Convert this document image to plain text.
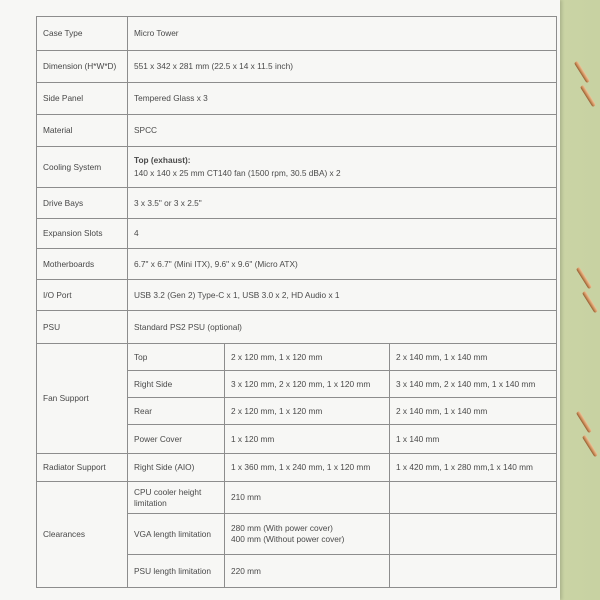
Case Type	Micro Tower		
Dimension (H*W*D)	551 x 342 x 281 mm (22.5 x 14 x 11.5 inch)		
Side Panel	Tempered Glass x 3		
Material	SPCC		
Cooling System	Top (exhaust):
140 x 140 x 25 mm CT140 fan (1500 rpm, 30.5 dBA) x 2		
Drive Bays	3 x 3.5" or 3 x 2.5"		
Expansion Slots	4		
Motherboards	6.7" x 6.7" (Mini ITX), 9.6" x 9.6" (Micro ATX)		
I/O Port	USB 3.2 (Gen 2) Type-C x 1, USB 3.0 x 2, HD Audio x 1		
PSU	Standard PS2 PSU (optional)		
Fan Support	Top	2 x 120 mm, 1 x 120 mm	2 x 140 mm, 1 x 140 mm
	Right Side	3 x 120 mm, 2 x 120 mm, 1 x 120 mm	3 x 140 mm, 2 x 140 mm, 1 x 140 mm
	Rear	2 x 120 mm, 1 x 120 mm	2 x 140 mm, 1 x 140 mm
	Power Cover	1 x 120 mm	1 x 140 mm
Radiator Support	Right Side (AIO)	1 x 360 mm, 1 x 240 mm, 1 x 120 mm	1 x 420 mm, 1 x 280 mm,1 x 140 mm
Clearances	CPU cooler height limitation	210 mm	
	VGA length limitation	280 mm (With power cover)
400 mm (Without power cover)	

	PSU length limitation	220 mm	
